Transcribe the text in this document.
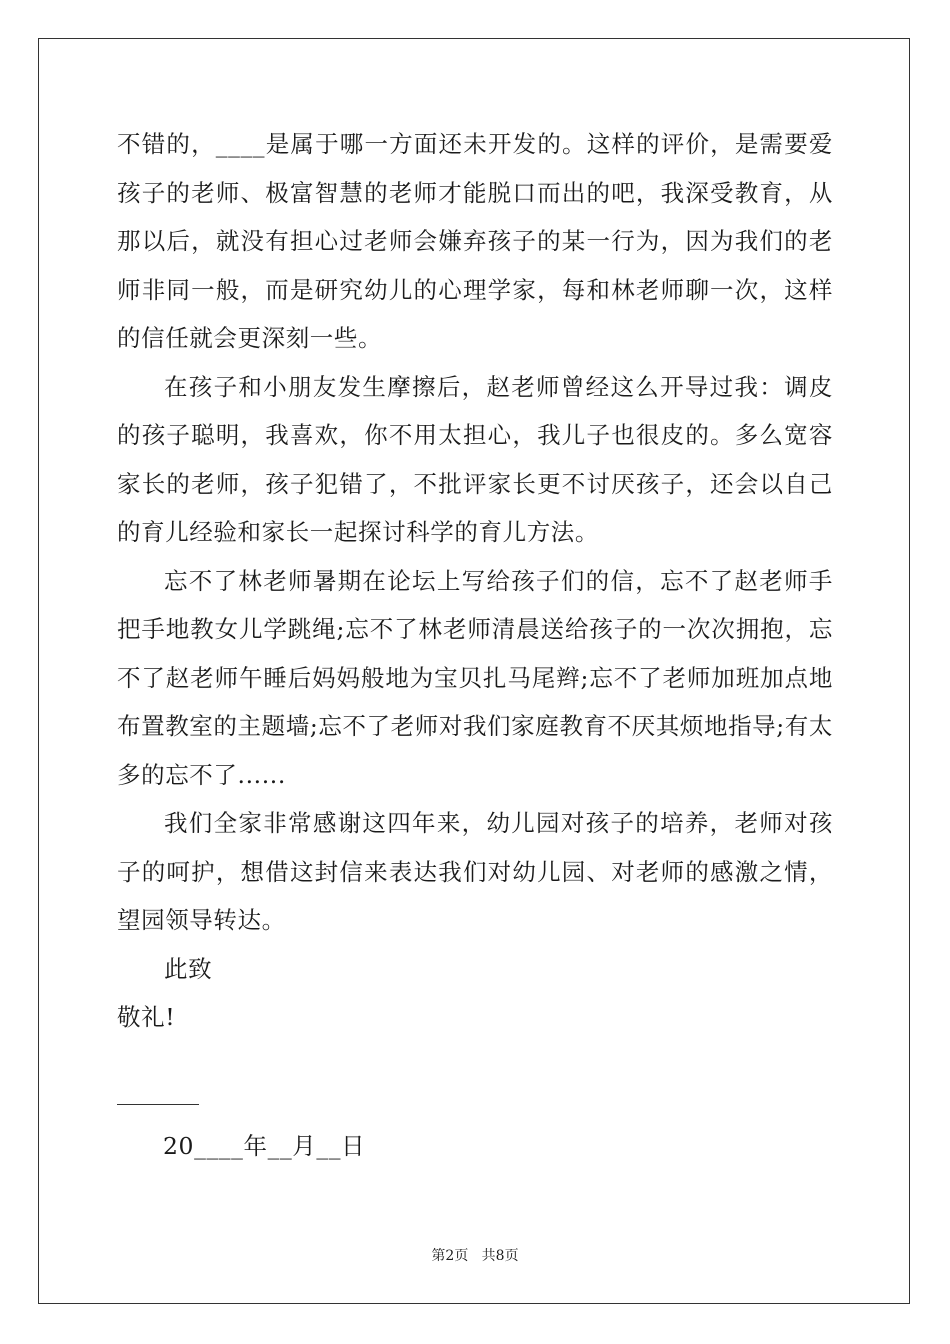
不错的，____是属于哪一方面还未开发的。这样的评价，是需要爱孩子的老师、极富智慧的老师才能脱口而出的吧，我深受教育，从那以后，就没有担心过老师会嫌弃孩子的某一行为，因为我们的老师非同一般，而是研究幼儿的心理学家，每和林老师聊一次，这样的信任就会更深刻一些。

在孩子和小朋友发生摩擦后，赵老师曾经这么开导过我：调皮的孩子聪明，我喜欢，你不用太担心，我儿子也很皮的。多么宽容家长的老师，孩子犯错了，不批评家长更不讨厌孩子，还会以自己的育儿经验和家长一起探讨科学的育儿方法。

忘不了林老师暑期在论坛上写给孩子们的信，忘不了赵老师手把手地教女儿学跳绳;忘不了林老师清晨送给孩子的一次次拥抱，忘不了赵老师午睡后妈妈般地为宝贝扎马尾辫;忘不了老师加班加点地布置教室的主题墙;忘不了老师对我们家庭教育不厌其烦地指导;有太多的忘不了......

我们全家非常感谢这四年来，幼儿园对孩子的培养，老师对孩子的呵护，想借这封信来表达我们对幼儿园、对老师的感激之情，望园领导转达。

此致

敬礼!

20____年__月__日
第2页   共8页
